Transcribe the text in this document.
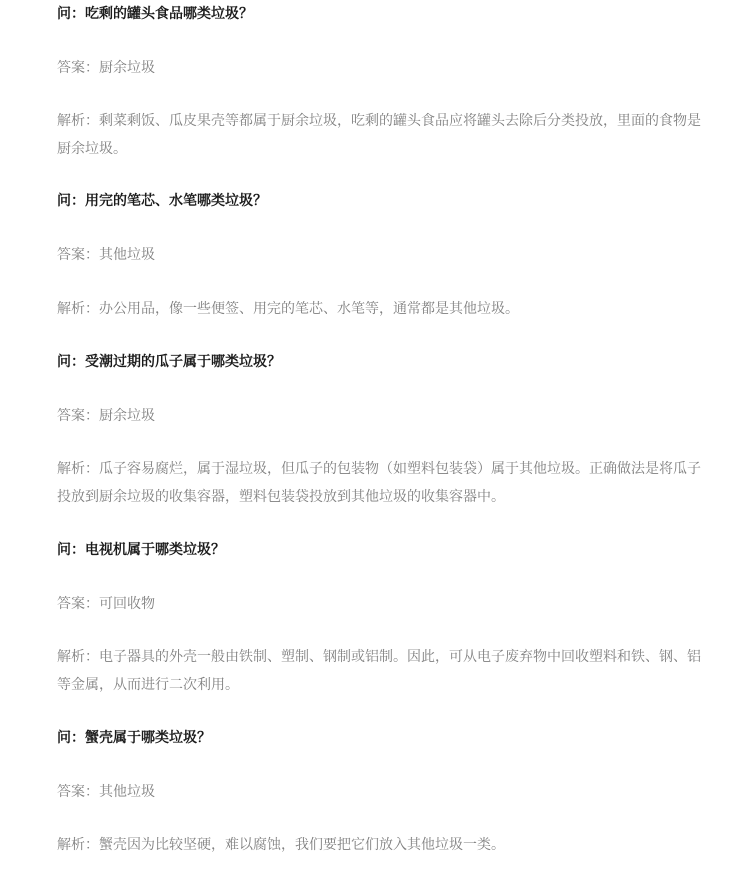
问：吃剩的罐头食品哪类垃圾？

答案：厨余垃圾

解析：剩菜剩饭、瓜皮果壳等都属于厨余垃圾，吃剩的罐头食品应将罐头去除后分类投放，里面的食物是厨余垃圾。

问：用完的笔芯、水笔哪类垃圾？

答案：其他垃圾

解析：办公用品，像一些便签、用完的笔芯、水笔等，通常都是其他垃圾。

问：受潮过期的瓜子属于哪类垃圾？

答案：厨余垃圾

解析：瓜子容易腐烂，属于湿垃圾，但瓜子的包装物（如塑料包装袋）属于其他垃圾。正确做法是将瓜子投放到厨余垃圾的收集容器，塑料包装袋投放到其他垃圾的收集容器中。

问：电视机属于哪类垃圾？

答案：可回收物

解析：电子器具的外壳一般由铁制、塑制、钢制或铝制。因此，可从电子废弃物中回收塑料和铁、钢、铝等金属，从而进行二次利用。

问：蟹壳属于哪类垃圾？

答案：其他垃圾

解析：蟹壳因为比较坚硬，难以腐蚀，我们要把它们放入其他垃圾一类。
